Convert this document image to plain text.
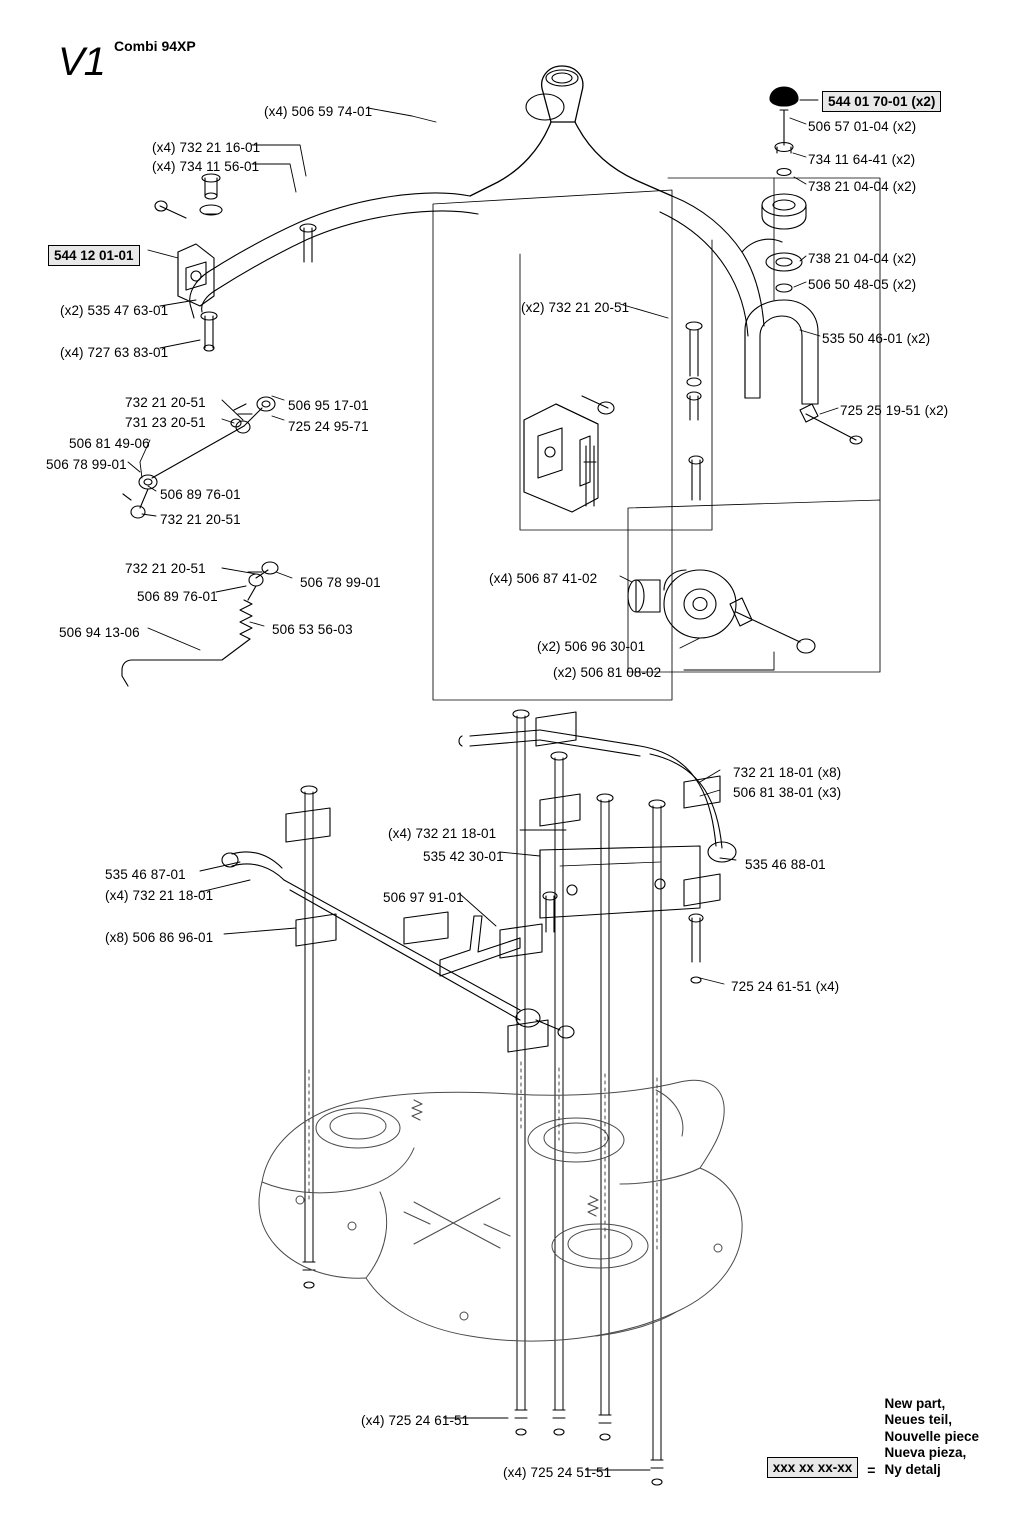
V1 Combi 94XP
544 12 01-01
544 01 70-01 (x2)
(x4) 506 59 74-01
(x4) 732 21 16-01
(x4) 734 11 56-01
(x2) 535 47 63-01
(x4) 727 63 83-01
506 57 01-04 (x2)
734 11 64-41 (x2)
738 21 04-04 (x2)
738 21 04-04 (x2)
506 50 48-05 (x2)
535 50 46-01 (x2)
725 25 19-51 (x2)
(x2) 732 21 20-51
732 21 20-51
731 23 20-51
506 95 17-01
725 24 95-71
506 81 49-06
506 78 99-01
506 89 76-01
732 21 20-51
732 21 20-51
506 89 76-01
506 78 99-01
506 94 13-06	506 53 56-03
(x4) 506 87 41-02
(x2) 506 96 30-01
(x2) 506 81 08-02
732 21 18-01 (x8)
506 81 38-01 (x3)
(x4) 732 21 18-01
535 42 30-01
535 46 88-01
535 46 87-01
(x4) 732 21 18-01	506 97 91-01
(x8) 506 86 96-01
725 24 61-51 (x4)
(x4) 725 24 61-51
(x4) 725 24 51-51	xxx xx xx-xx	=
New part,
Neues teil,
Nouvelle piece
Nueva pieza,
Ny detalj
